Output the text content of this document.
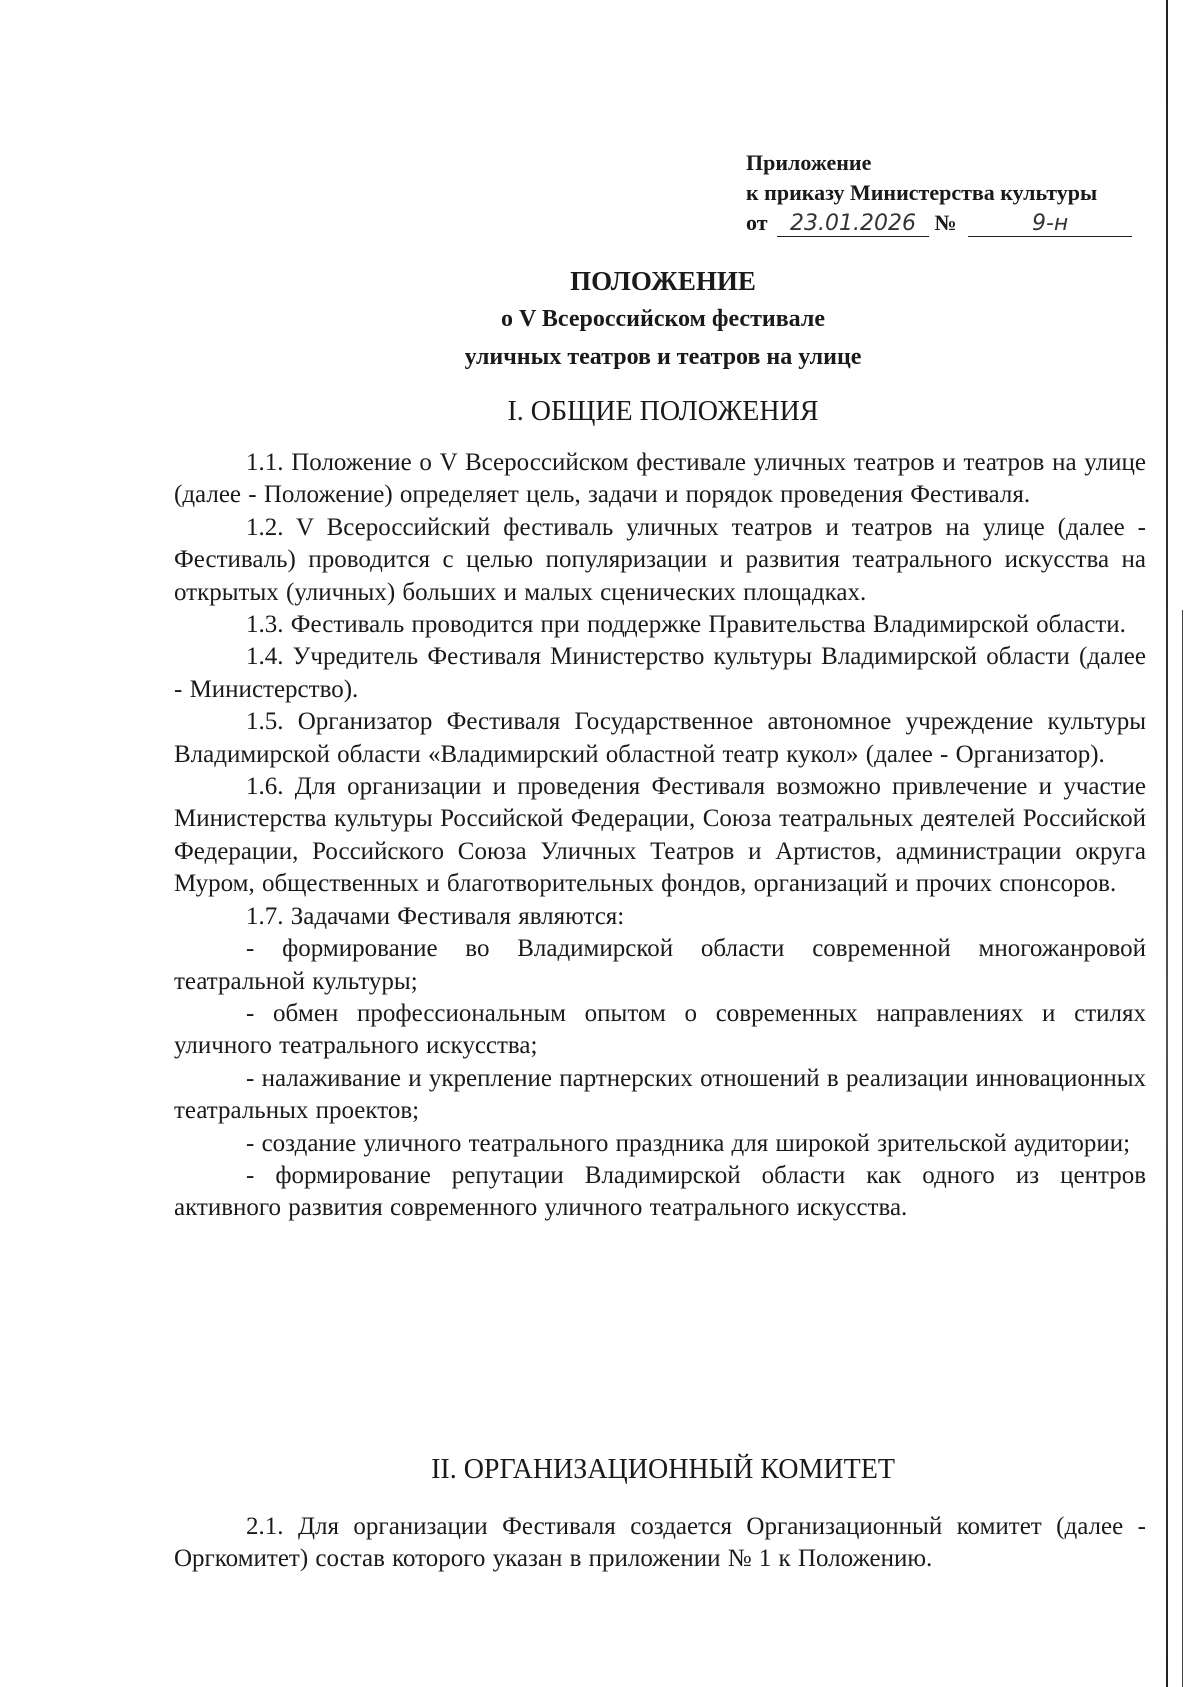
Приложение
к приказу Министерства культуры
от 23.01.2026 №	9-н
ПОЛОЖЕНИЕ
о V Всероссийском фестивале
уличных театров и театров на улице
I. ОБЩИЕ ПОЛОЖЕНИЯ

1.1. Положение о V Всероссийском фестивале уличных театров и театров на улице (далее - Положение) определяет цель, задачи и порядок проведения Фестиваля.

1.2. V Всероссийский фестиваль уличных театров и театров на улице (далее - Фестиваль) проводится с целью популяризации и развития театрального искусства на открытых (уличных) больших и малых сценических площадках.

1.3. Фестиваль проводится при поддержке Правительства Владимирской области.

1.4. Учредитель Фестиваля Министерство культуры Владимирской области (далее - Министерство).

1.5. Организатор Фестиваля Государственное автономное учреждение культуры Владимирской области «Владимирский областной театр кукол» (далее - Организатор).

1.6. Для организации и проведения Фестиваля возможно привлечение и участие Министерства культуры Российской Федерации, Союза театральных деятелей Российской Федерации, Российского Союза Уличных Театров и Артистов, администрации округа Муром, общественных и благотворительных фондов, организаций и прочих спонсоров.

1.7. Задачами Фестиваля являются:

- формирование во Владимирской области современной многожанровой театральной культуры;

- обмен профессиональным опытом о современных направлениях и стилях уличного театрального искусства;

- налаживание и укрепление партнерских отношений в реализации инновационных театральных проектов;

- создание уличного театрального праздника для широкой зрительской аудитории;

- формирование репутации Владимирской области как одного из центров активного развития современного уличного театрального искусства.

II. ОРГАНИЗАЦИОННЫЙ КОМИТЕТ

2.1. Для организации Фестиваля создается Организационный комитет (далее - Оргкомитет) состав которого указан в приложении № 1 к Положению.
